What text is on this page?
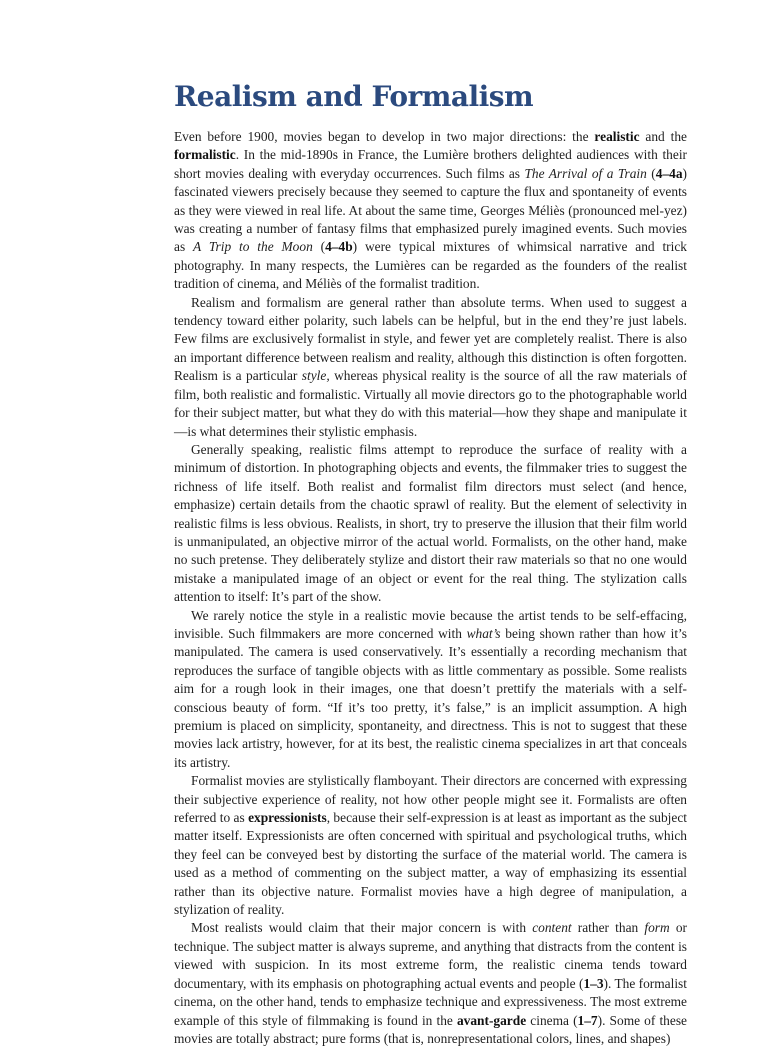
Realism and Formalism

Even before 1900, movies began to develop in two major directions: the realistic and the formalistic. In the mid-1890s in France, the Lumière brothers delighted audiences with their short movies dealing with everyday occurrences. Such films as The Arrival of a Train (4–4a) fascinated viewers precisely because they seemed to capture the flux and spontaneity of events as they were viewed in real life. At about the same time, Georges Méliès (pronounced mel-yez) was creating a number of fantasy films that emphasized purely imagined events. Such movies as A Trip to the Moon (4–4b) were typical mixtures of whimsical narrative and trick photography. In many respects, the Lumières can be regarded as the founders of the realist tradition of cinema, and Méliès of the formalist tradition.

Realism and formalism are general rather than absolute terms. When used to suggest a tendency toward either polarity, such labels can be helpful, but in the end they’re just labels. Few films are exclusively formalist in style, and fewer yet are completely realist. There is also an important difference between realism and reality, although this distinction is often forgotten. Realism is a particular style, whereas physical reality is the source of all the raw materials of film, both realistic and formalistic. Virtually all movie directors go to the photographable world for their subject matter, but what they do with this material—how they shape and manipulate it—is what determines their stylistic emphasis.

Generally speaking, realistic films attempt to reproduce the surface of reality with a minimum of distortion. In photographing objects and events, the filmmaker tries to suggest the richness of life itself. Both realist and formalist film directors must select (and hence, emphasize) certain details from the chaotic sprawl of reality. But the element of selectivity in realistic films is less obvious. Realists, in short, try to preserve the illusion that their film world is unmanipulated, an objective mirror of the actual world. Formalists, on the other hand, make no such pretense. They deliberately stylize and distort their raw materials so that no one would mistake a manipulated image of an object or event for the real thing. The stylization calls attention to itself: It’s part of the show.

We rarely notice the style in a realistic movie because the artist tends to be self-effacing, invisible. Such filmmakers are more concerned with what’s being shown rather than how it’s manipulated. The camera is used conservatively. It’s essentially a recording mechanism that reproduces the surface of tangible objects with as little commentary as possible. Some realists aim for a rough look in their images, one that doesn’t prettify the materials with a self-conscious beauty of form. “If it’s too pretty, it’s false,” is an implicit assumption. A high premium is placed on simplicity, spontaneity, and directness. This is not to suggest that these movies lack artistry, however, for at its best, the realistic cinema specializes in art that conceals its artistry.

Formalist movies are stylistically flamboyant. Their directors are concerned with expressing their subjective experience of reality, not how other people might see it. Formalists are often referred to as expressionists, because their self-expression is at least as important as the subject matter itself. Expressionists are often concerned with spiritual and psychological truths, which they feel can be conveyed best by distorting the surface of the material world. The camera is used as a method of commenting on the subject matter, a way of emphasizing its essential rather than its objective nature. Formalist movies have a high degree of manipulation, a stylization of reality.

Most realists would claim that their major concern is with content rather than form or technique. The subject matter is always supreme, and anything that distracts from the content is viewed with suspicion. In its most extreme form, the realistic cinema tends toward documentary, with its emphasis on photographing actual events and people (1–3). The formalist cinema, on the other hand, tends to emphasize technique and expressiveness. The most extreme example of this style of filmmaking is found in the avant-garde cinema (1–7). Some of these movies are totally abstract; pure forms (that is, nonrepresentational colors, lines, and shapes)
